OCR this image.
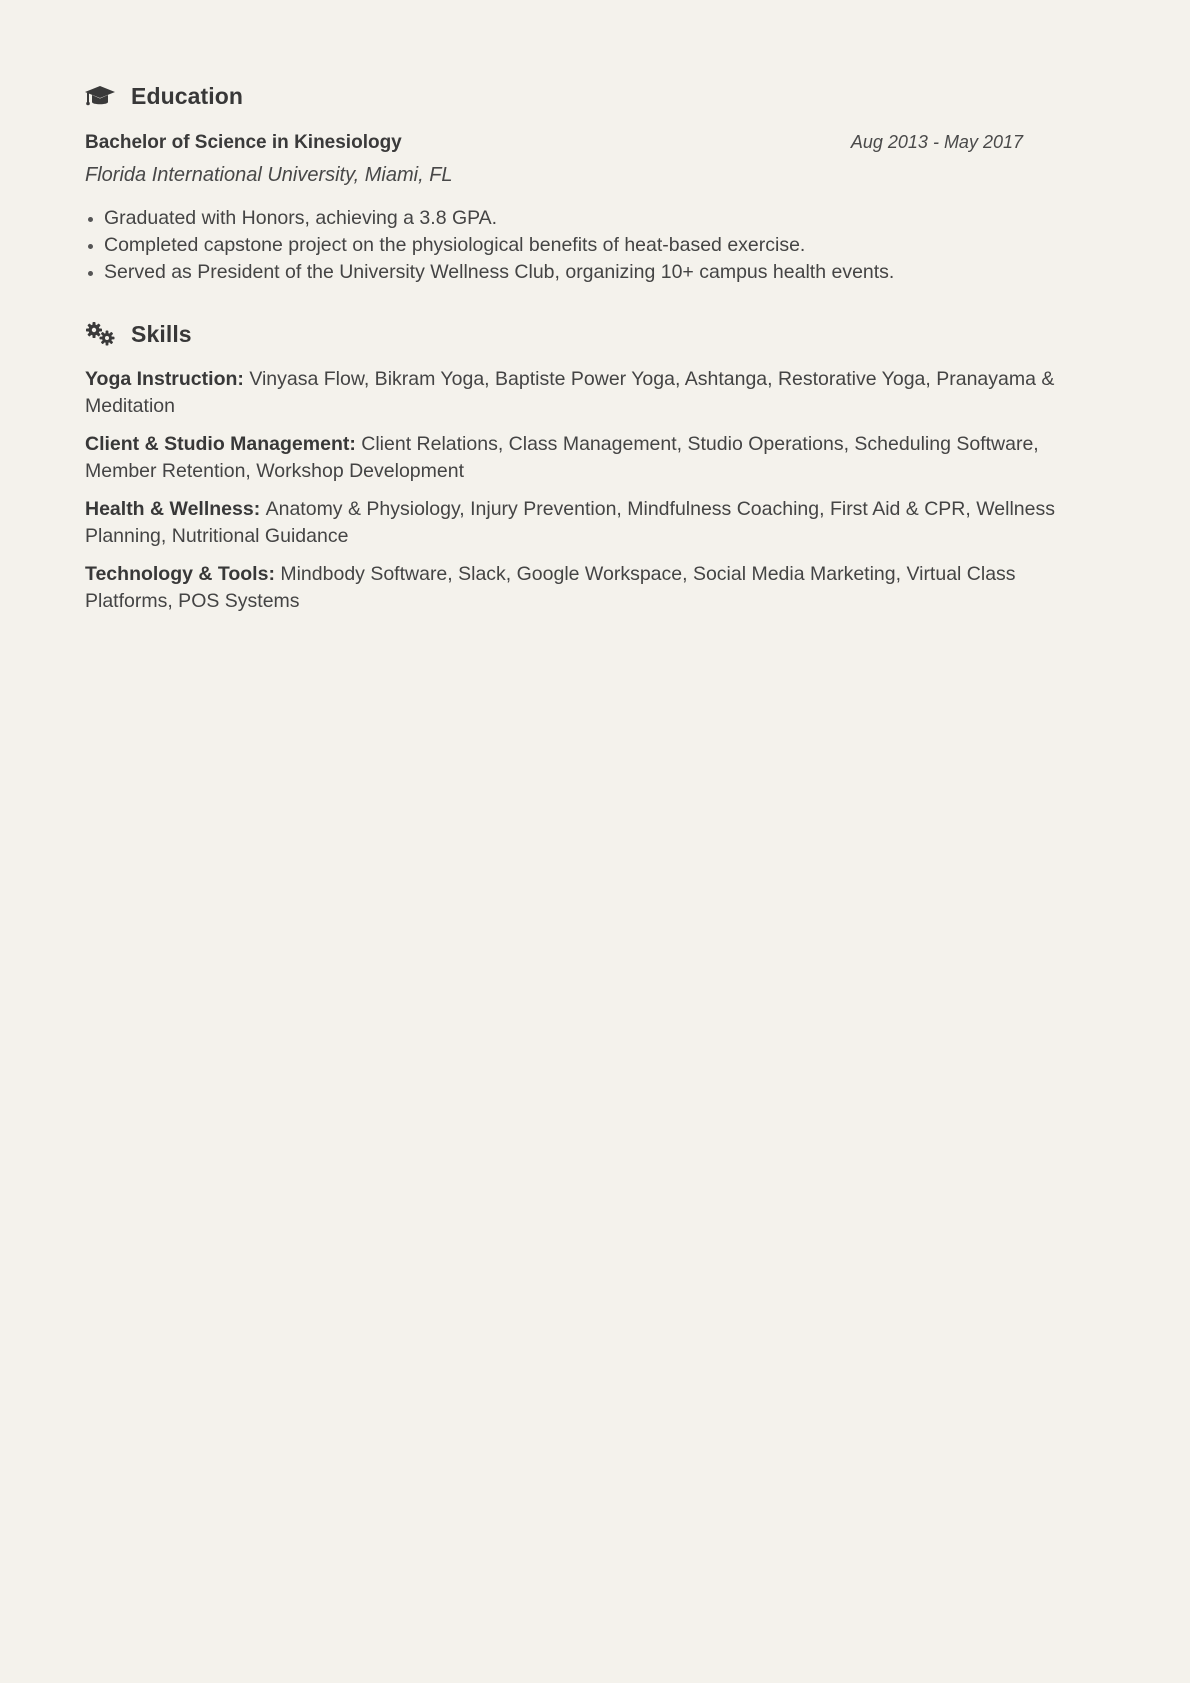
Education
Bachelor of Science in Kinesiology	Aug 2013 - May 2017
Florida International University, Miami, FL
Graduated with Honors, achieving a 3.8 GPA.
Completed capstone project on the physiological benefits of heat-based exercise.
Served as President of the University Wellness Club, organizing 10+ campus health events.
Skills
Yoga Instruction: Vinyasa Flow, Bikram Yoga, Baptiste Power Yoga, Ashtanga, Restorative Yoga, Pranayama & Meditation
Client & Studio Management: Client Relations, Class Management, Studio Operations, Scheduling Software, Member Retention, Workshop Development
Health & Wellness: Anatomy & Physiology, Injury Prevention, Mindfulness Coaching, First Aid & CPR, Wellness Planning, Nutritional Guidance
Technology & Tools: Mindbody Software, Slack, Google Workspace, Social Media Marketing, Virtual Class Platforms, POS Systems
